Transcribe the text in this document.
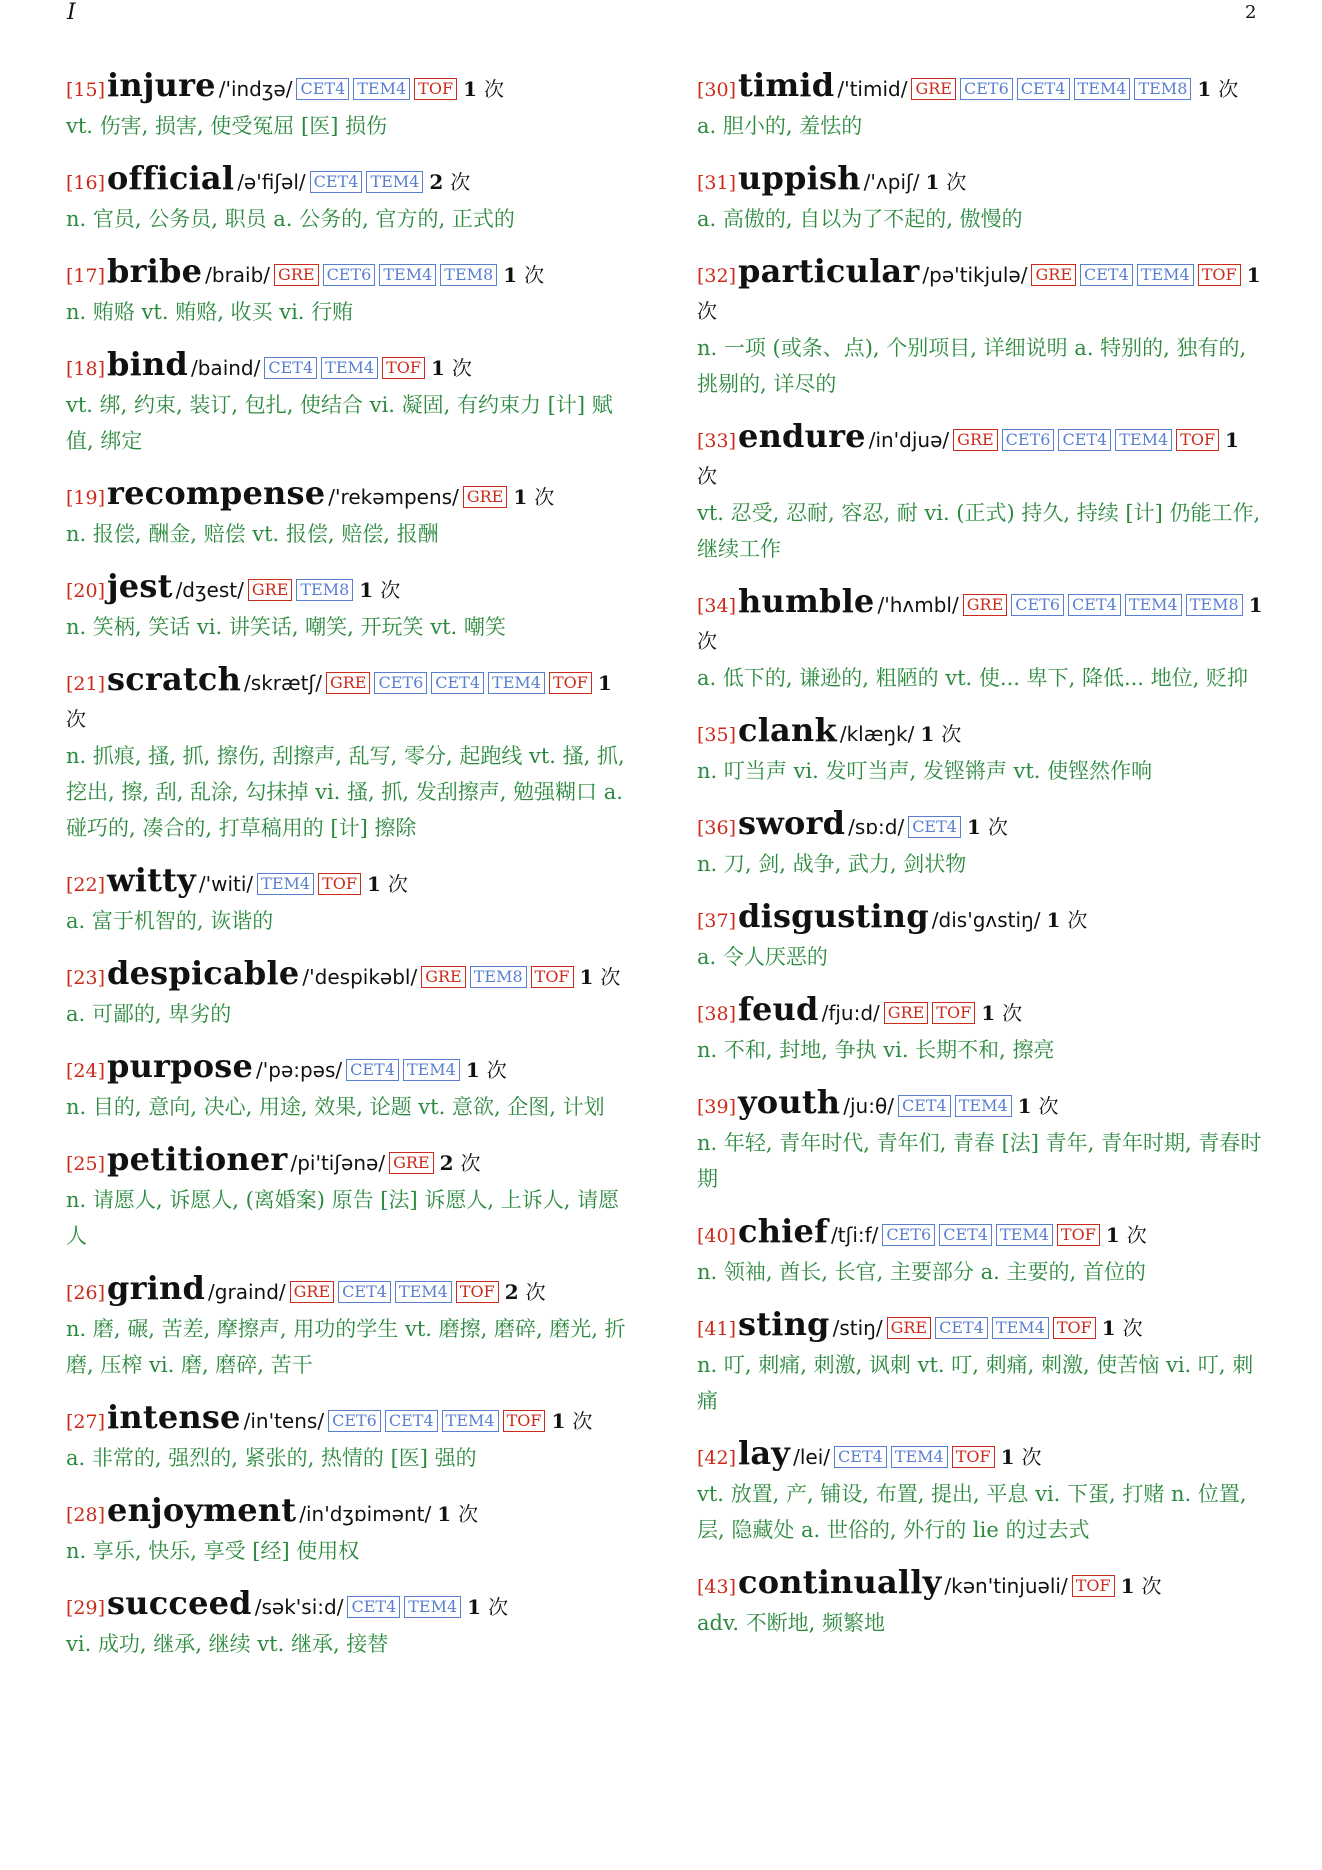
I	2
[15]injure /'indʒə/ CET4 TEM4 TOF 1 次

vt. 伤害, 损害, 使受冤屈 [医] 损伤

[16]official /ə'fiʃəl/ CET4 TEM4 2 次

n. 官员, 公务员, 职员 a. 公务的, 官方的, 正式的

[17]bribe /braib/ GRE CET6 TEM4 TEM8 1 次

n. 贿赂 vt. 贿赂, 收买 vi. 行贿

[18]bind /baind/ CET4 TEM4 TOF 1 次

vt. 绑, 约束, 装订, 包扎, 使结合 vi. 凝固, 有约束力 [计] 赋值, 绑定

[19]recompense /'rekəmpens/ GRE 1 次

n. 报偿, 酬金, 赔偿 vt. 报偿, 赔偿, 报酬

[20]jest /dʒest/ GRE TEM8 1 次

n. 笑柄, 笑话 vi. 讲笑话, 嘲笑, 开玩笑 vt. 嘲笑

[21]scratch /skrætʃ/ GRE CET6 CET4 TEM4 TOF 1 次

n. 抓痕, 搔, 抓, 擦伤, 刮擦声, 乱写, 零分, 起跑线 vt. 搔, 抓, 挖出, 擦, 刮, 乱涂, 勾抹掉 vi. 搔, 抓, 发刮擦声, 勉强糊口 a. 碰巧的, 凑合的, 打草稿用的 [计] 擦除

[22]witty /'witi/ TEM4 TOF 1 次

a. 富于机智的, 诙谐的

[23]despicable /'despikəbl/ GRE TEM8 TOF 1 次

a. 可鄙的, 卑劣的

[24]purpose /'pə:pəs/ CET4 TEM4 1 次

n. 目的, 意向, 决心, 用途, 效果, 论题 vt. 意欲, 企图, 计划

[25]petitioner /pi'tiʃənə/ GRE 2 次

n. 请愿人, 诉愿人, (离婚案) 原告 [法] 诉愿人, 上诉人, 请愿人

[26]grind /graind/ GRE CET4 TEM4 TOF 2 次

n. 磨, 碾, 苦差, 摩擦声, 用功的学生 vt. 磨擦, 磨碎, 磨光, 折磨, 压榨 vi. 磨, 磨碎, 苦干

[27]intense /in'tens/ CET6 CET4 TEM4 TOF 1 次

a. 非常的, 强烈的, 紧张的, 热情的 [医] 强的

[28]enjoyment /in'dʒɒimənt/ 1 次

n. 享乐, 快乐, 享受 [经] 使用权

[29]succeed /sək'si:d/ CET4 TEM4 1 次

vi. 成功, 继承, 继续 vt. 继承, 接替

[30]timid /'timid/ GRE CET6 CET4 TEM4 TEM8 1 次

a. 胆小的, 羞怯的

[31]uppish /'ʌpiʃ/ 1 次

a. 高傲的, 自以为了不起的, 傲慢的

[32]particular /pə'tikjulə/ GRE CET4 TEM4 TOF 1 次

n. 一项 (或条、点), 个别项目, 详细说明 a. 特别的, 独有的, 挑剔的, 详尽的

[33]endure /in'djuə/ GRE CET6 CET4 TEM4 TOF 1 次

vt. 忍受, 忍耐, 容忍, 耐 vi. (正式) 持久, 持续 [计] 仍能工作, 继续工作

[34]humble /'hʌmbl/ GRE CET6 CET4 TEM4 TEM8 1 次

a. 低下的, 谦逊的, 粗陋的 vt. 使... 卑下, 降低... 地位, 贬抑

[35]clank /klæŋk/ 1 次

n. 叮当声 vi. 发叮当声, 发铿锵声 vt. 使铿然作响

[36]sword /sɒ:d/ CET4 1 次

n. 刀, 剑, 战争, 武力, 剑状物

[37]disgusting /dis'gʌstiŋ/ 1 次

a. 令人厌恶的

[38]feud /fju:d/ GRE TOF 1 次

n. 不和, 封地, 争执 vi. 长期不和, 擦亮

[39]youth /ju:θ/ CET4 TEM4 1 次

n. 年轻, 青年时代, 青年们, 青春 [法] 青年, 青年时期, 青春时期

[40]chief /tʃi:f/ CET6 CET4 TEM4 TOF 1 次

n. 领袖, 酋长, 长官, 主要部分 a. 主要的, 首位的

[41]sting /stiŋ/ GRE CET4 TEM4 TOF 1 次

n. 叮, 刺痛, 刺激, 讽刺 vt. 叮, 刺痛, 刺激, 使苦恼 vi. 叮, 刺痛

[42]lay /lei/ CET4 TEM4 TOF 1 次

vt. 放置, 产, 铺设, 布置, 提出, 平息 vi. 下蛋, 打赌 n. 位置, 层, 隐藏处 a. 世俗的, 外行的 lie 的过去式

[43]continually /kən'tinjuəli/ TOF 1 次

adv. 不断地, 频繁地
